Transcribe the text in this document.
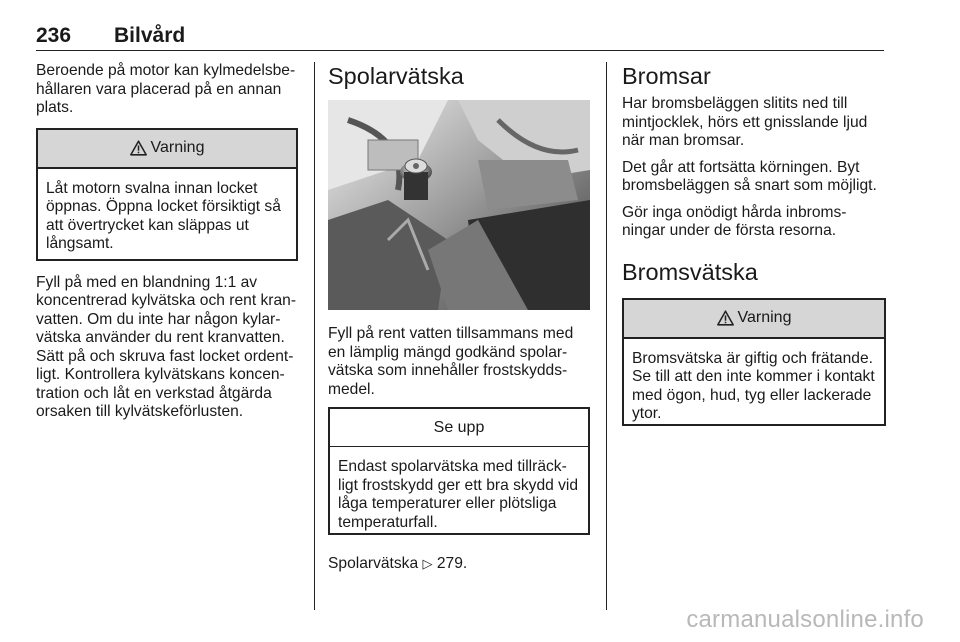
236 Bilvård

Beroende på motor kan kylmedelsbe-hållaren vara placerad på en annan plats.

Varning

Låt motorn svalna innan locket öppnas. Öppna locket försiktigt så att övertrycket kan släppas ut långsamt.

Fyll på med en blandning 1:1 av koncentrerad kylvätska och rent kran-vatten. Om du inte har någon kylar-vätska använder du rent kranvatten. Sätt på och skruva fast locket ordent-ligt. Kontrollera kylvätskans koncen-tration och låt en verkstad åtgärda orsaken till kylvätskeförlusten.

Spolarvätska

Fyll på rent vatten tillsammans med en lämplig mängd godkänd spolar-vätska som innehåller frostskydds-medel.

Se upp

Endast spolarvätska med tillräck-ligt frostskydd ger ett bra skydd vid låga temperaturer eller plötsliga temperaturfall.

Spolarvätska ▷ 279.

Bromsar

Har bromsbeläggen slitits ned till mintjocklek, hörs ett gnisslande ljud när man bromsar.

Det går att fortsätta körningen. Byt bromsbeläggen så snart som möjligt.

Gör inga onödigt hårda inbroms-ningar under de första resorna.

Bromsvätska
Varning

Bromsvätska är giftig och frätande. Se till att den inte kommer i kontakt med ögon, hud, tyg eller lackerade ytor.

carmanualsonline.info
